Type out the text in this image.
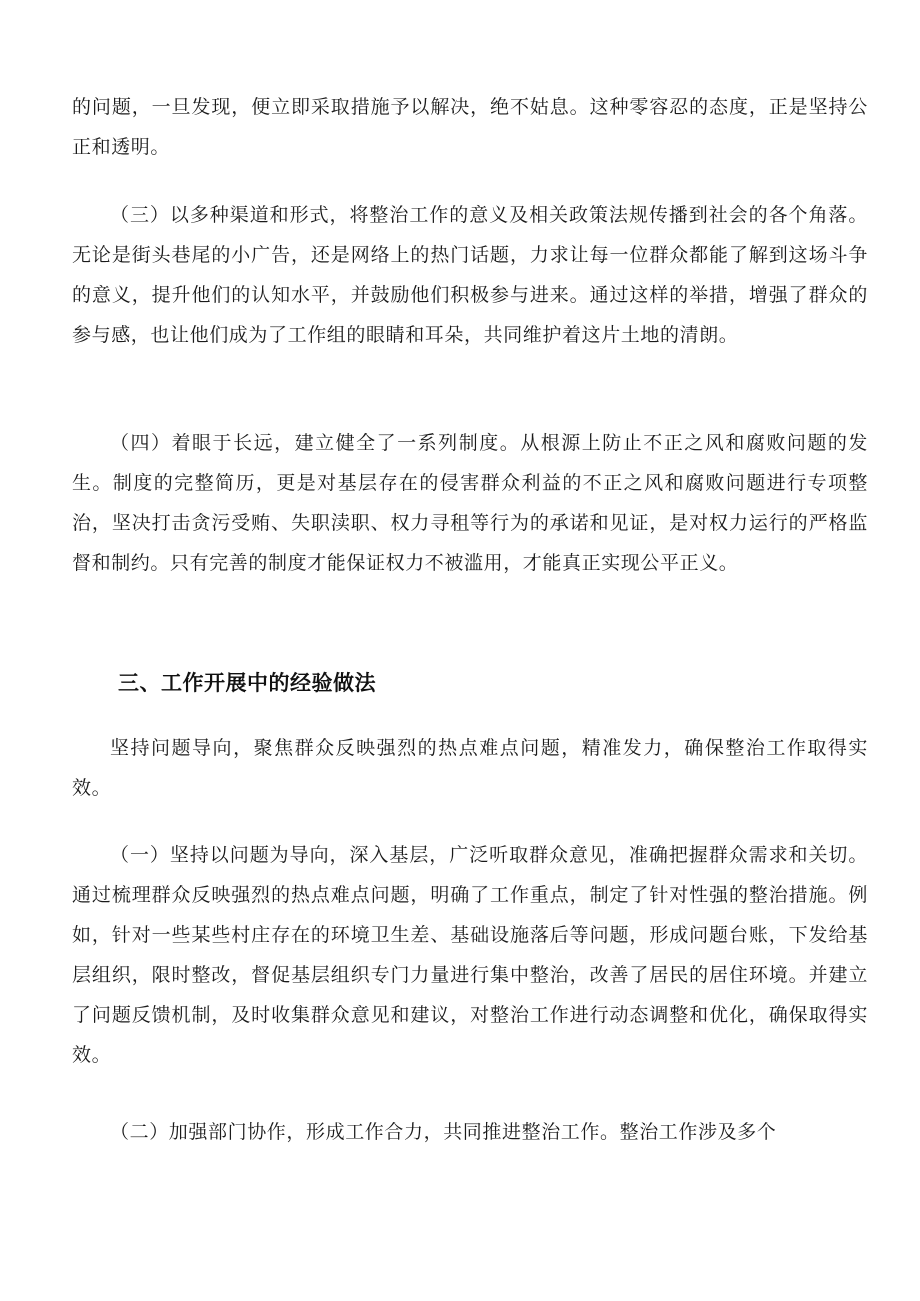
的问题，一旦发现，便立即采取措施予以解决，绝不姑息。这种零容忍的态度，正是坚持公正和透明。

（三）以多种渠道和形式，将整治工作的意义及相关政策法规传播到社会的各个角落。无论是街头巷尾的小广告，还是网络上的热门话题，力求让每一位群众都能了解到这场斗争的意义，提升他们的认知水平，并鼓励他们积极参与进来。通过这样的举措，增强了群众的参与感，也让他们成为了工作组的眼睛和耳朵，共同维护着这片土地的清朗。

（四）着眼于长远，建立健全了一系列制度。从根源上防止不正之风和腐败问题的发生。制度的完整简历，更是对基层存在的侵害群众利益的不正之风和腐败问题进行专项整治，坚决打击贪污受贿、失职渎职、权力寻租等行为的承诺和见证，是对权力运行的严格监督和制约。只有完善的制度才能保证权力不被滥用，才能真正实现公平正义。

三、工作开展中的经验做法

坚持问题导向，聚焦群众反映强烈的热点难点问题，精准发力，确保整治工作取得实效。

（一）坚持以问题为导向，深入基层，广泛听取群众意见，准确把握群众需求和关切。通过梳理群众反映强烈的热点难点问题，明确了工作重点，制定了针对性强的整治措施。例如，针对一些某些村庄存在的环境卫生差、基础设施落后等问题，形成问题台账，下发给基层组织，限时整改，督促基层组织专门力量进行集中整治，改善了居民的居住环境。并建立了问题反馈机制，及时收集群众意见和建议，对整治工作进行动态调整和优化，确保取得实效。

（二）加强部门协作，形成工作合力，共同推进整治工作。整治工作涉及多个
